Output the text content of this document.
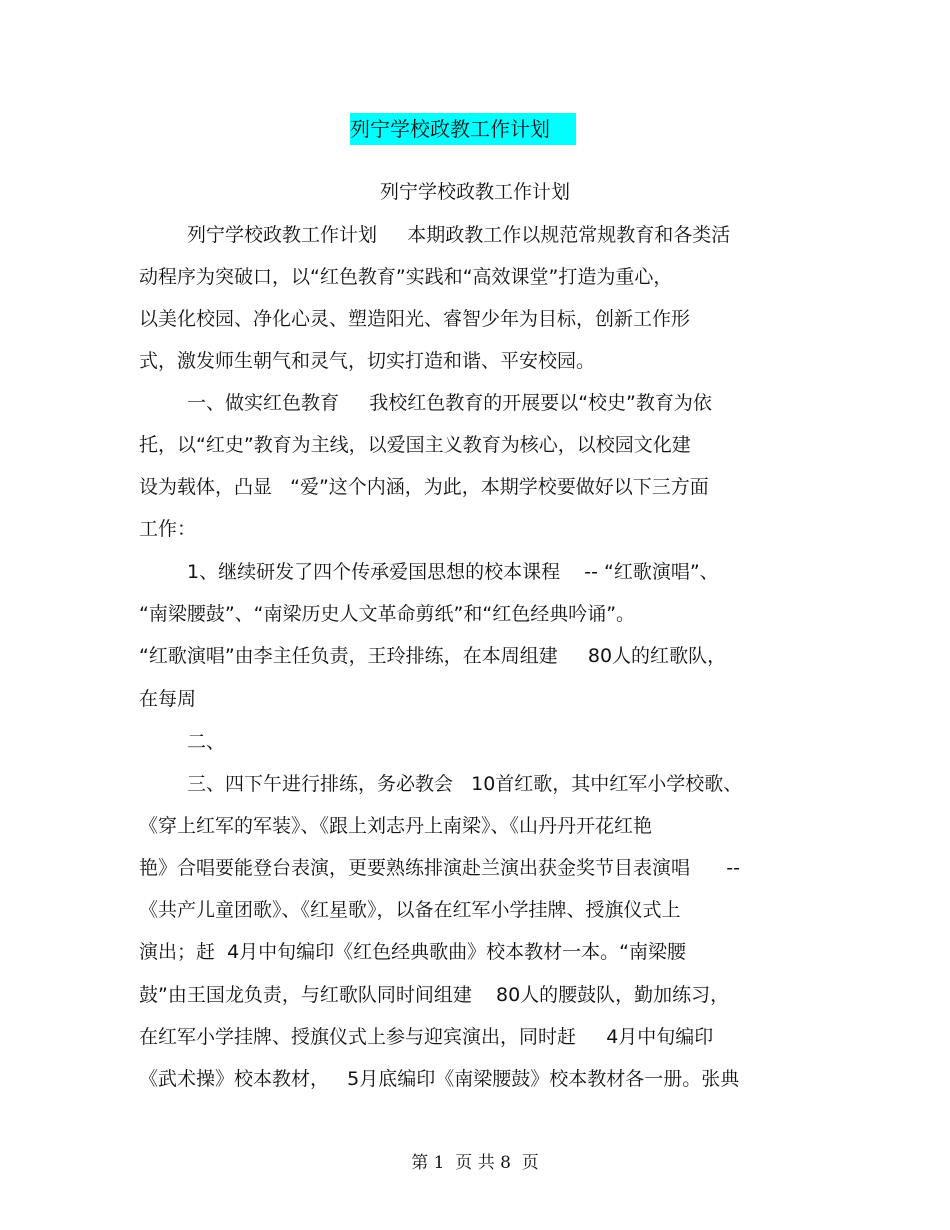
列宁学校政教工作计划
列宁学校政教工作计划
列宁学校政教工作计划     本期政教工作以规范常规教育和各类活
动程序为突破口，以“红色教育”实践和“高效课堂”打造为重心，
以美化校园、净化心灵、塑造阳光、睿智少年为目标，创新工作形
式，激发师生朝气和灵气，切实打造和谐、平安校园。
一、做实红色教育     我校红色教育的开展要以“校史”教育为依
托，以“红史”教育为主线，以爱国主义教育为核心，以校园文化建
设为载体，凸显   “爱”这个内涵，为此，本期学校要做好以下三方面
工作：
1、继续研发了四个传承爱国思想的校本课程    -- “红歌演唱”、
“南梁腰鼓”、“南梁历史人文革命剪纸”和“红色经典吟诵”。
“红歌演唱”由李主任负责，王玲排练，在本周组建     80人的红歌队，
在每周
二、
三、四下午进行排练，务必教会   10首红歌，其中红军小学校歌、
《穿上红军的军装》、《跟上刘志丹上南梁》、《山丹丹开花红艳
艳》合唱要能登台表演，更要熟练排演赴兰演出获金奖节目表演唱      --
《共产儿童团歌》、《红星歌》，以备在红军小学挂牌、授旗仪式上
演出；赶  4月中旬编印《红色经典歌曲》校本教材一本。“南梁腰
鼓”由王国龙负责，与红歌队同时间组建    80人的腰鼓队，勤加练习，
在红军小学挂牌、授旗仪式上参与迎宾演出，同时赶     4月中旬编印
《武术操》校本教材，   5月底编印《南梁腰鼓》校本教材各一册。张典
第 1  页 共 8  页
